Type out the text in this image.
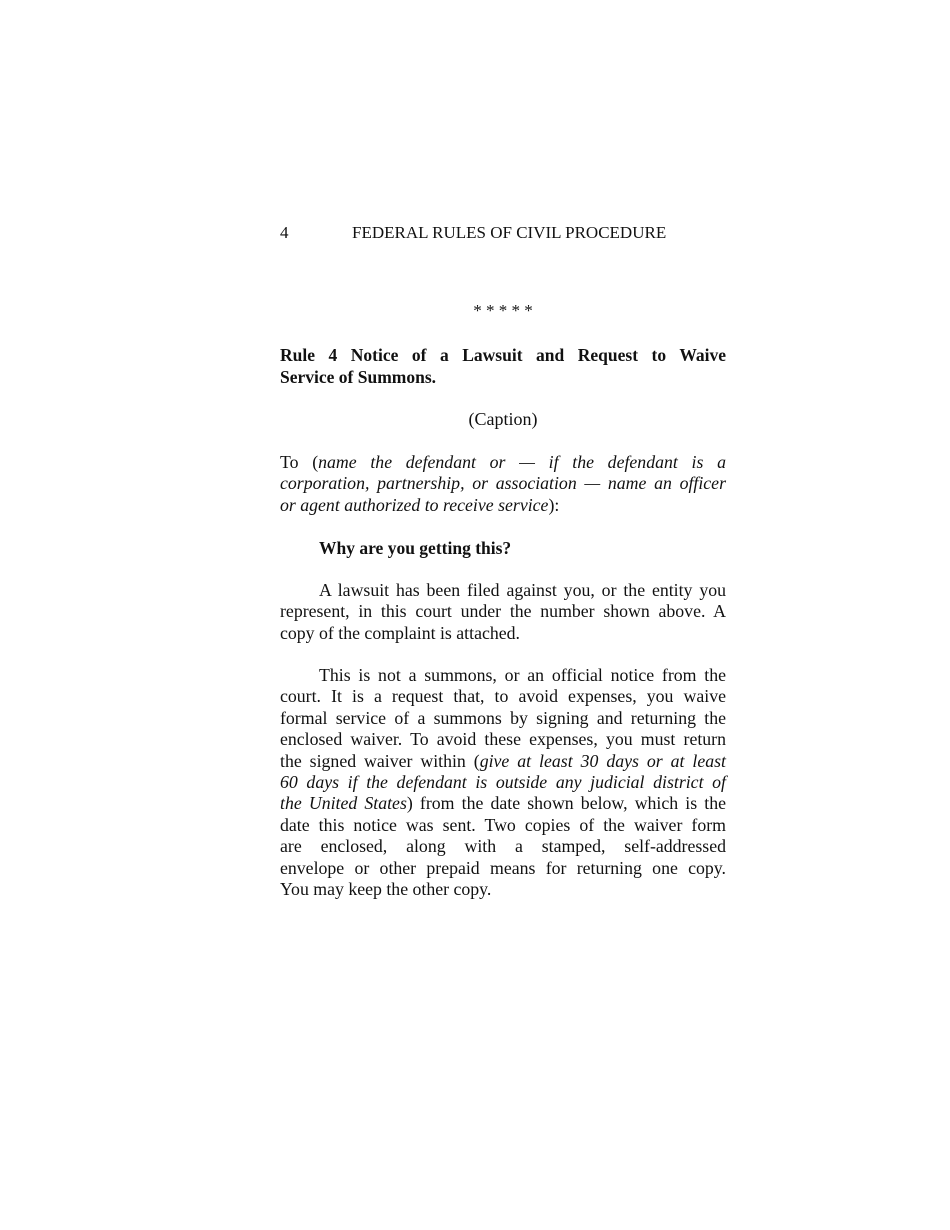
4	FEDERAL RULES OF CIVIL PROCEDURE
* * * * *
Rule 4 Notice of a Lawsuit and Request to Waive
Service of Summons.
(Caption)
To (name the defendant or — if the defendant is a
corporation, partnership, or association — name an officer
or agent authorized to receive service):
Why are you getting this?
A lawsuit has been filed against you, or the entity you
represent, in this court under the number shown above. A
copy of the complaint is attached.
This is not a summons, or an official notice from the
court. It is a request that, to avoid expenses, you waive
formal service of a summons by signing and returning the
enclosed waiver. To avoid these expenses, you must return
the signed waiver within (give at least 30 days or at least
60 days if the defendant is outside any judicial district of
the United States) from the date shown below, which is the
date this notice was sent. Two copies of the waiver form
are enclosed, along with a stamped, self-addressed
envelope or other prepaid means for returning one copy.
You may keep the other copy.
